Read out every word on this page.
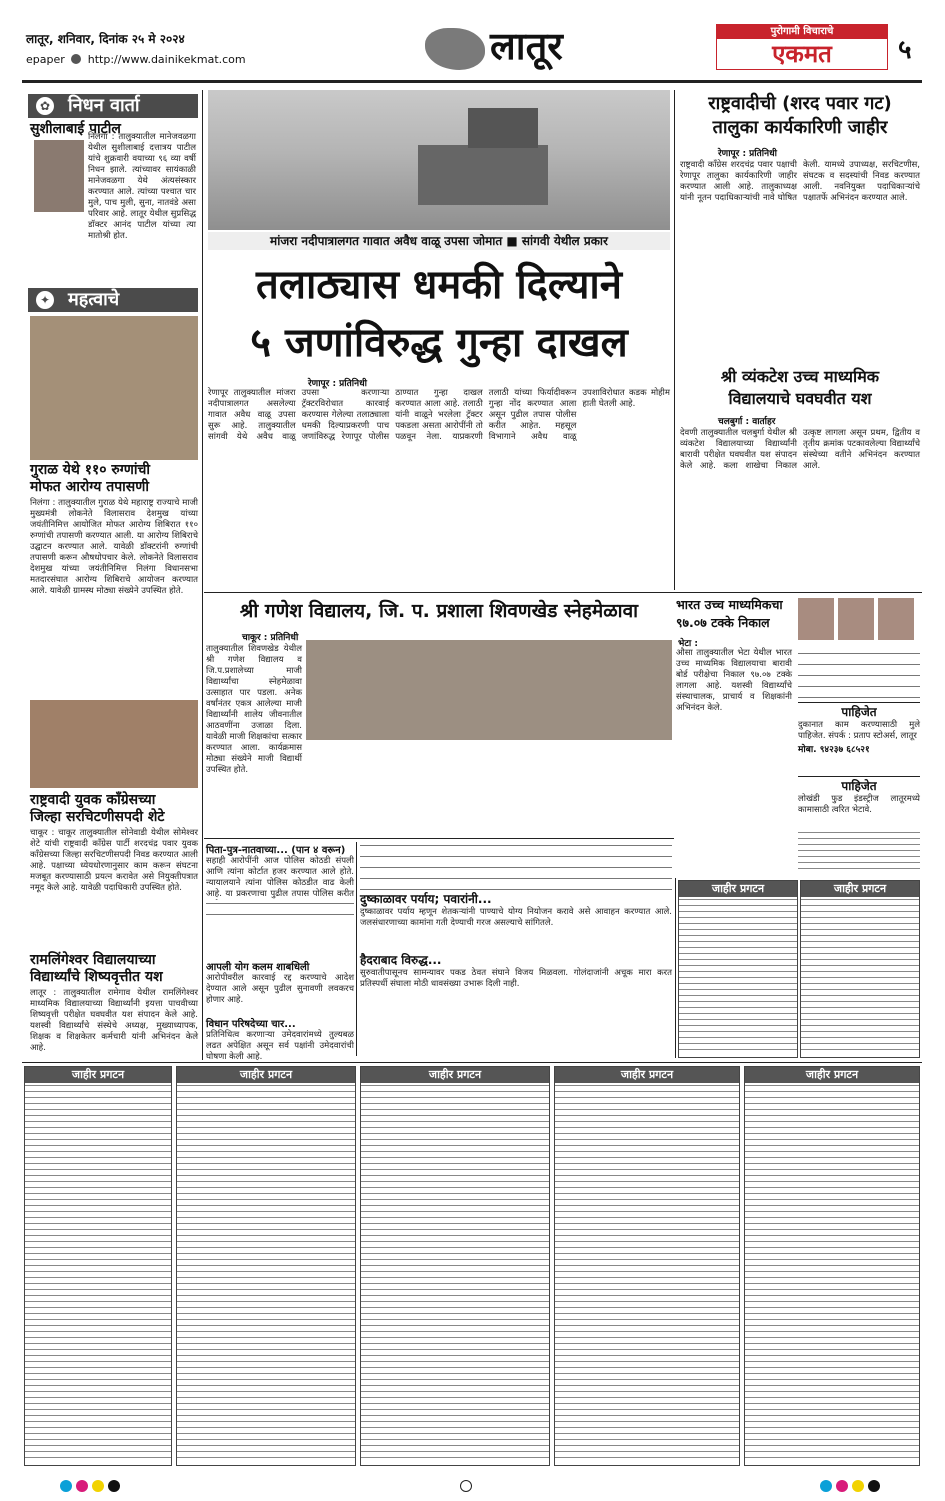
लातूर, शनिवार, दिनांक २५ मे २०२४
epaper http://www.dainikekmat.com	लातूर	पुरोगामी विचाराचे
एकमत	५
✿ निधन वार्ता
सुशीलाबाई पाटील
निलंगा : तालुक्यातील मानेजवळगा येथील सुशीलाबाई दत्तात्रय पाटील यांचे शुक्रवारी वयाच्या ९६ व्या वर्षी निधन झाले. त्यांच्यावर सायंकाळी मानेजवळगा येथे अंत्यसंस्कार करण्यात आले. त्यांच्या पश्चात चार मुले, पाच मुली, सुना, नातवंडे असा परिवार आहे. लातूर येथील सुप्रसिद्ध डॉक्टर आनंद पाटील यांच्या त्या मातोश्री होत.
✦ महत्वाचे
गुराळ येथे ११० रुग्णांची
मोफत आरोग्य तपासणी
निलंगा : तालुक्यातील गुराळ येथे महाराष्ट्र राज्याचे माजी मुख्यमंत्री लोकनेते विलासराव देशमुख यांच्या जयंतीनिमित्त आयोजित मोफत आरोग्य शिबिरात ११० रुग्णांची तपासणी करण्यात आली. या आरोग्य शिबिराचे उद्घाटन करण्यात आले. यावेळी डॉक्टरांनी रुग्णांची तपासणी करून औषधोपचार केले. लोकनेते विलासराव देशमुख यांच्या जयंतीनिमित्त निलंगा विधानसभा मतदारसंघात आरोग्य शिबिराचे आयोजन करण्यात आले. यावेळी ग्रामस्थ मोठ्या संख्येने उपस्थित होते.
राष्ट्रवादी युवक कॉंग्रेसच्या
जिल्हा सरचिटणीसपदी शेटे
चाकूर : चाकूर तालुक्यातील सोनेवाडी येथील सोमेश्वर शेटे यांची राष्ट्रवादी कॉंग्रेस पार्टी शरदचंद्र पवार युवक कॉंग्रेसच्या जिल्हा सरचिटणीसपदी निवड करण्यात आली आहे. पक्षाच्या ध्येयधोरणानुसार काम करून संघटना मजबूत करण्यासाठी प्रयत्न करावेत असे नियुक्तीपत्रात नमूद केले आहे. यावेळी पदाधिकारी उपस्थित होते.
रामलिंगेश्वर विद्यालयाच्या
विद्यार्थ्यांचे शिष्यवृत्तीत यश
लातूर : तालुक्यातील रामेगाव येथील रामलिंगेश्वर माध्यमिक विद्यालयाच्या विद्यार्थ्यांनी इयत्ता पाचवीच्या शिष्यवृत्ती परीक्षेत घवघवीत यश संपादन केले आहे. यशस्वी विद्यार्थ्यांचे संस्थेचे अध्यक्ष, मुख्याध्यापक, शिक्षक व शिक्षकेतर कर्मचारी यांनी अभिनंदन केले आहे.
मांजरा नदीपात्रालगत गावात अवैध वाळू उपसा जोमात ■ सांगवी येथील प्रकार
तलाठ्यास धमकी दिल्याने
५ जणांविरुद्ध गुन्हा दाखल
रेणापूर : प्रतिनिधी
रेणापूर तालुक्यातील मांजरा नदीपात्रालगत असलेल्या गावात अवैध वाळू उपसा सुरू आहे. तालुक्यातील सांगवी येथे अवैध वाळू उपसा करणाऱ्या ट्रॅक्टरविरोधात कारवाई करण्यास गेलेल्या तलाठ्याला धमकी दिल्याप्रकरणी पाच जणांविरुद्ध रेणापूर पोलीस ठाण्यात गुन्हा दाखल करण्यात आला आहे. तलाठी यांनी वाळूने भरलेला ट्रॅक्टर पकडला असता आरोपींनी तो पळवून नेला. याप्रकरणी तलाठी यांच्या फिर्यादीवरून गुन्हा नोंद करण्यात आला असून पुढील तपास पोलीस करीत आहेत. महसूल विभागाने अवैध वाळू उपशाविरोधात कडक मोहीम हाती घेतली आहे.
राष्ट्रवादीची (शरद पवार गट)
तालुका कार्यकारिणी जाहीर
रेणापूर : प्रतिनिधी
राष्ट्रवादी कॉंग्रेस शरदचंद्र पवार पक्षाची रेणापूर तालुका कार्यकारिणी जाहीर करण्यात आली आहे. तालुकाध्यक्ष यांनी नूतन पदाधिकाऱ्यांची नावे घोषित केली. यामध्ये उपाध्यक्ष, सरचिटणीस, संघटक व सदस्यांची निवड करण्यात आली. नवनियुक्त पदाधिकाऱ्यांचे पक्षातर्फे अभिनंदन करण्यात आले.
श्री व्यंकटेश उच्च माध्यमिक
विद्यालयाचे घवघवीत यश
चलबुर्गा : वार्ताहर
देवणी तालुक्यातील चलबुर्गा येथील श्री व्यंकटेश विद्यालयाच्या विद्यार्थ्यांनी बारावी परीक्षेत घवघवीत यश संपादन केले आहे. कला शाखेचा निकाल उत्कृष्ट लागला असून प्रथम, द्वितीय व तृतीय क्रमांक पटकावलेल्या विद्यार्थ्यांचे संस्थेच्या वतीने अभिनंदन करण्यात आले.
श्री गणेश विद्यालय, जि. प. प्रशाला शिवणखेड स्नेहमेळावा
चाकूर : प्रतिनिधी
तालुक्यातील शिवणखेड येथील श्री गणेश विद्यालय व जि.प.प्रशालेच्या माजी विद्यार्थ्यांचा स्नेहमेळावा उत्साहात पार पडला. अनेक वर्षांनंतर एकत्र आलेल्या माजी विद्यार्थ्यांनी शालेय जीवनातील आठवणींना उजाळा दिला. यावेळी माजी शिक्षकांचा सत्कार करण्यात आला. कार्यक्रमास मोठ्या संख्येने माजी विद्यार्थी उपस्थित होते.
भारत उच्च माध्यमिकचा
९७.०७ टक्के निकाल
भेटा :
औसा तालुक्यातील भेटा येथील भारत उच्च माध्यमिक विद्यालयाचा बारावी बोर्ड परीक्षेचा निकाल ९७.०७ टक्के लागला आहे. यशस्वी विद्यार्थ्यांचे संस्थाचालक, प्राचार्य व शिक्षकांनी अभिनंदन केले.	पाहिजेत
दुकानात काम करण्यासाठी मुले पाहिजेत. संपर्क : प्रताप स्टोअर्स, लातूर
मोबा. ९४२३७ ६८५२१
पाहिजेत
लोखंडी फुड इंडस्ट्रीज लातूरमध्ये कामासाठी त्वरित भेटावे.
पिता-पुत्र-नातवाच्या... (पान ४ वरून)
सहाही आरोपींनी आज पोलिस कोठडी संपली आणि त्यांना कोर्टात हजर करण्यात आले होते. न्यायालयाने त्यांना पोलिस कोठडीत वाढ केली आहे. या प्रकरणाचा पुढील तपास पोलिस करीत
आपली योग कलम शाबधिली
आरोपीवरील कारवाई रद्द करण्याचे आदेश देण्यात आले असून पुढील सुनावणी लवकरच होणार आहे.
विधान परिषदेच्या चार...
प्रतिनिधित्व करणाऱ्या उमेदवारांमध्ये तुल्यबळ लढत अपेक्षित असून सर्व पक्षांनी उमेदवारांची घोषणा केली आहे.
दुष्काळावर पर्याय; पवारांनी...
दुष्काळावर पर्याय म्हणून शेतकऱ्यांनी पाण्याचे योग्य नियोजन करावे असे आवाहन करण्यात आले. जलसंधारणाच्या कामांना गती देण्याची गरज असल्याचे सांगितले.
हैदराबाद विरुद्ध...
सुरुवातीपासूनच सामन्यावर पकड ठेवत संघाने विजय मिळवला. गोलंदाजांनी अचूक मारा करत प्रतिस्पर्धी संघाला मोठी धावसंख्या उभारू दिली नाही.
जाहीर प्रगटन	जाहीर प्रगटन
जाहीर प्रगटन	जाहीर प्रगटन	जाहीर प्रगटन	जाहीर प्रगटन	जाहीर प्रगटन
